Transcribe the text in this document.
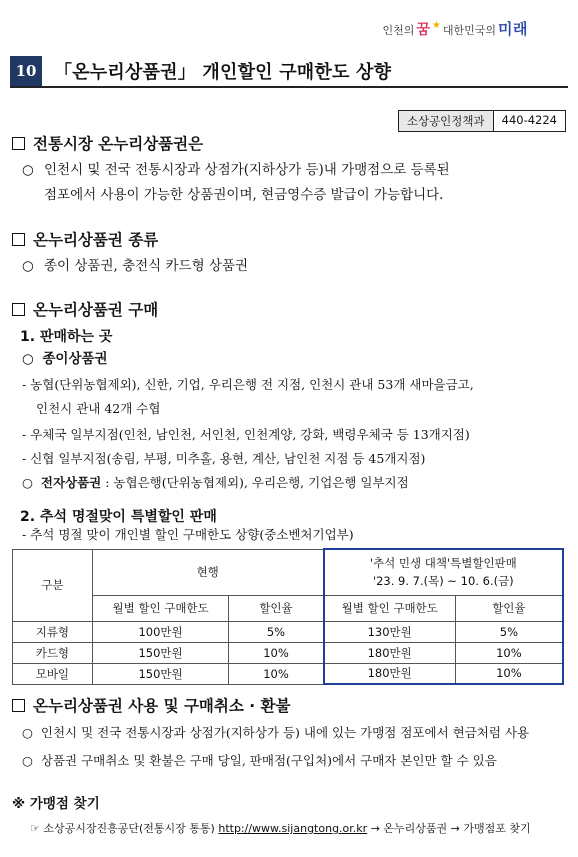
인천의 꿈 ★ 대한민국의 미래
10 「온누리상품권」 개인할인 구매한도 상향
소상공인정책과	440-4224
전통시장 온누리상품권은
○ 인천시 및 전국 전통시장과 상점가(지하상가 등)내 가맹점으로 등록된
점포에서 사용이 가능한 상품권이며, 현금영수증 발급이 가능합니다.
온누리상품권 종류
○ 종이 상품권, 충전식 카드형 상품권
온누리상품권 구매
1. 판매하는 곳
○ 종이상품권
- 농협(단위농협제외), 신한, 기업, 우리은행 전 지점, 인천시 관내 53개 새마을금고,
인천시 관내 42개 수협
- 우체국 일부지점(인천, 남인천, 서인천, 인천계양, 강화, 백령우체국 등 13개지점)
- 신협 일부지점(송림, 부평, 미추홀, 용현, 계산, 남인천 지점 등 45개지점)
○ 전자상품권 : 농협은행(단위농협제외), 우리은행, 기업은행 일부지점
2. 추석 명절맞이 특별할인 판매
- 추석 명절 맞이 개인별 할인 구매한도 상향(중소벤처기업부)
구분	현행		'추석 민생 대책'특별할인판매
'23. 9. 7.(목) ~ 10. 6.(금)	

	월별 할인 구매한도	할인율	월별 할인 구매한도	할인율
지류형	100만원	5%	130만원	5%
카드형	150만원	10%	180만원	10%
모바일	150만원	10%	180만원	10%
온누리상품권 사용 및 구매취소 · 환불
○ 인천시 및 전국 전통시장과 상점가(지하상가 등) 내에 있는 가맹점 점포에서 현금처럼 사용
○ 상품권 구매취소 및 환불은 구매 당일, 판매점(구입처)에서 구매자 본인만 할 수 있음
※ 가맹점 찾기
☞ 소상공시장진흥공단(전통시장 통통) http://www.sijangtong.or.kr → 온누리상품권 → 가맹점포 찾기
